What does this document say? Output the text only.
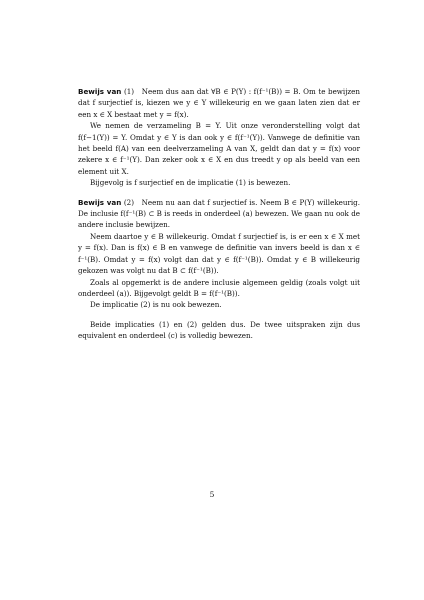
Bewijs van (1) Neem dus aan dat ∀B ∈ P(Y) : f(f⁻¹(B)) = B. Om te bewijzen dat f surjectief is, kiezen we y ∈ Y willekeurig en we gaan laten zien dat er een x ∈ X bestaat met y = f(x).

We nemen de verzameling B = Y. Uit onze veronderstelling volgt dat f(f−1(Y)) = Y. Omdat y ∈ Y is dan ook y ∈ f(f⁻¹(Y)). Vanwege de definitie van het beeld f(A) van een deelverzameling A van X, geldt dan dat y = f(x) voor zekere x ∈ f⁻¹(Y). Dan zeker ook x ∈ X en dus treedt y op als beeld van een element uit X.

Bijgevolg is f surjectief en de implicatie (1) is bewezen.

Bewijs van (2) Neem nu aan dat f surjectief is. Neem B ∈ P(Y) willekeurig. De inclusie f(f⁻¹(B) ⊂ B is reeds in onderdeel (a) bewezen. We gaan nu ook de andere inclusie bewijzen.

Neem daartoe y ∈ B willekeurig. Omdat f surjectief is, is er een x ∈ X met y = f(x). Dan is f(x) ∈ B en vanwege de definitie van invers beeld is dan x ∈ f⁻¹(B). Omdat y = f(x) volgt dan dat y ∈ f(f⁻¹(B)). Omdat y ∈ B willekeurig gekozen was volgt nu dat B ⊂ f(f⁻¹(B)).

Zoals al opgemerkt is de andere inclusie algemeen geldig (zoals volgt uit onderdeel (a)). Bijgevolgt geldt B = f(f⁻¹(B)).

De implicatie (2) is nu ook bewezen.

Beide implicaties (1) en (2) gelden dus. De twee uitspraken zijn dus equivalent en onderdeel (c) is volledig bewezen.

5
